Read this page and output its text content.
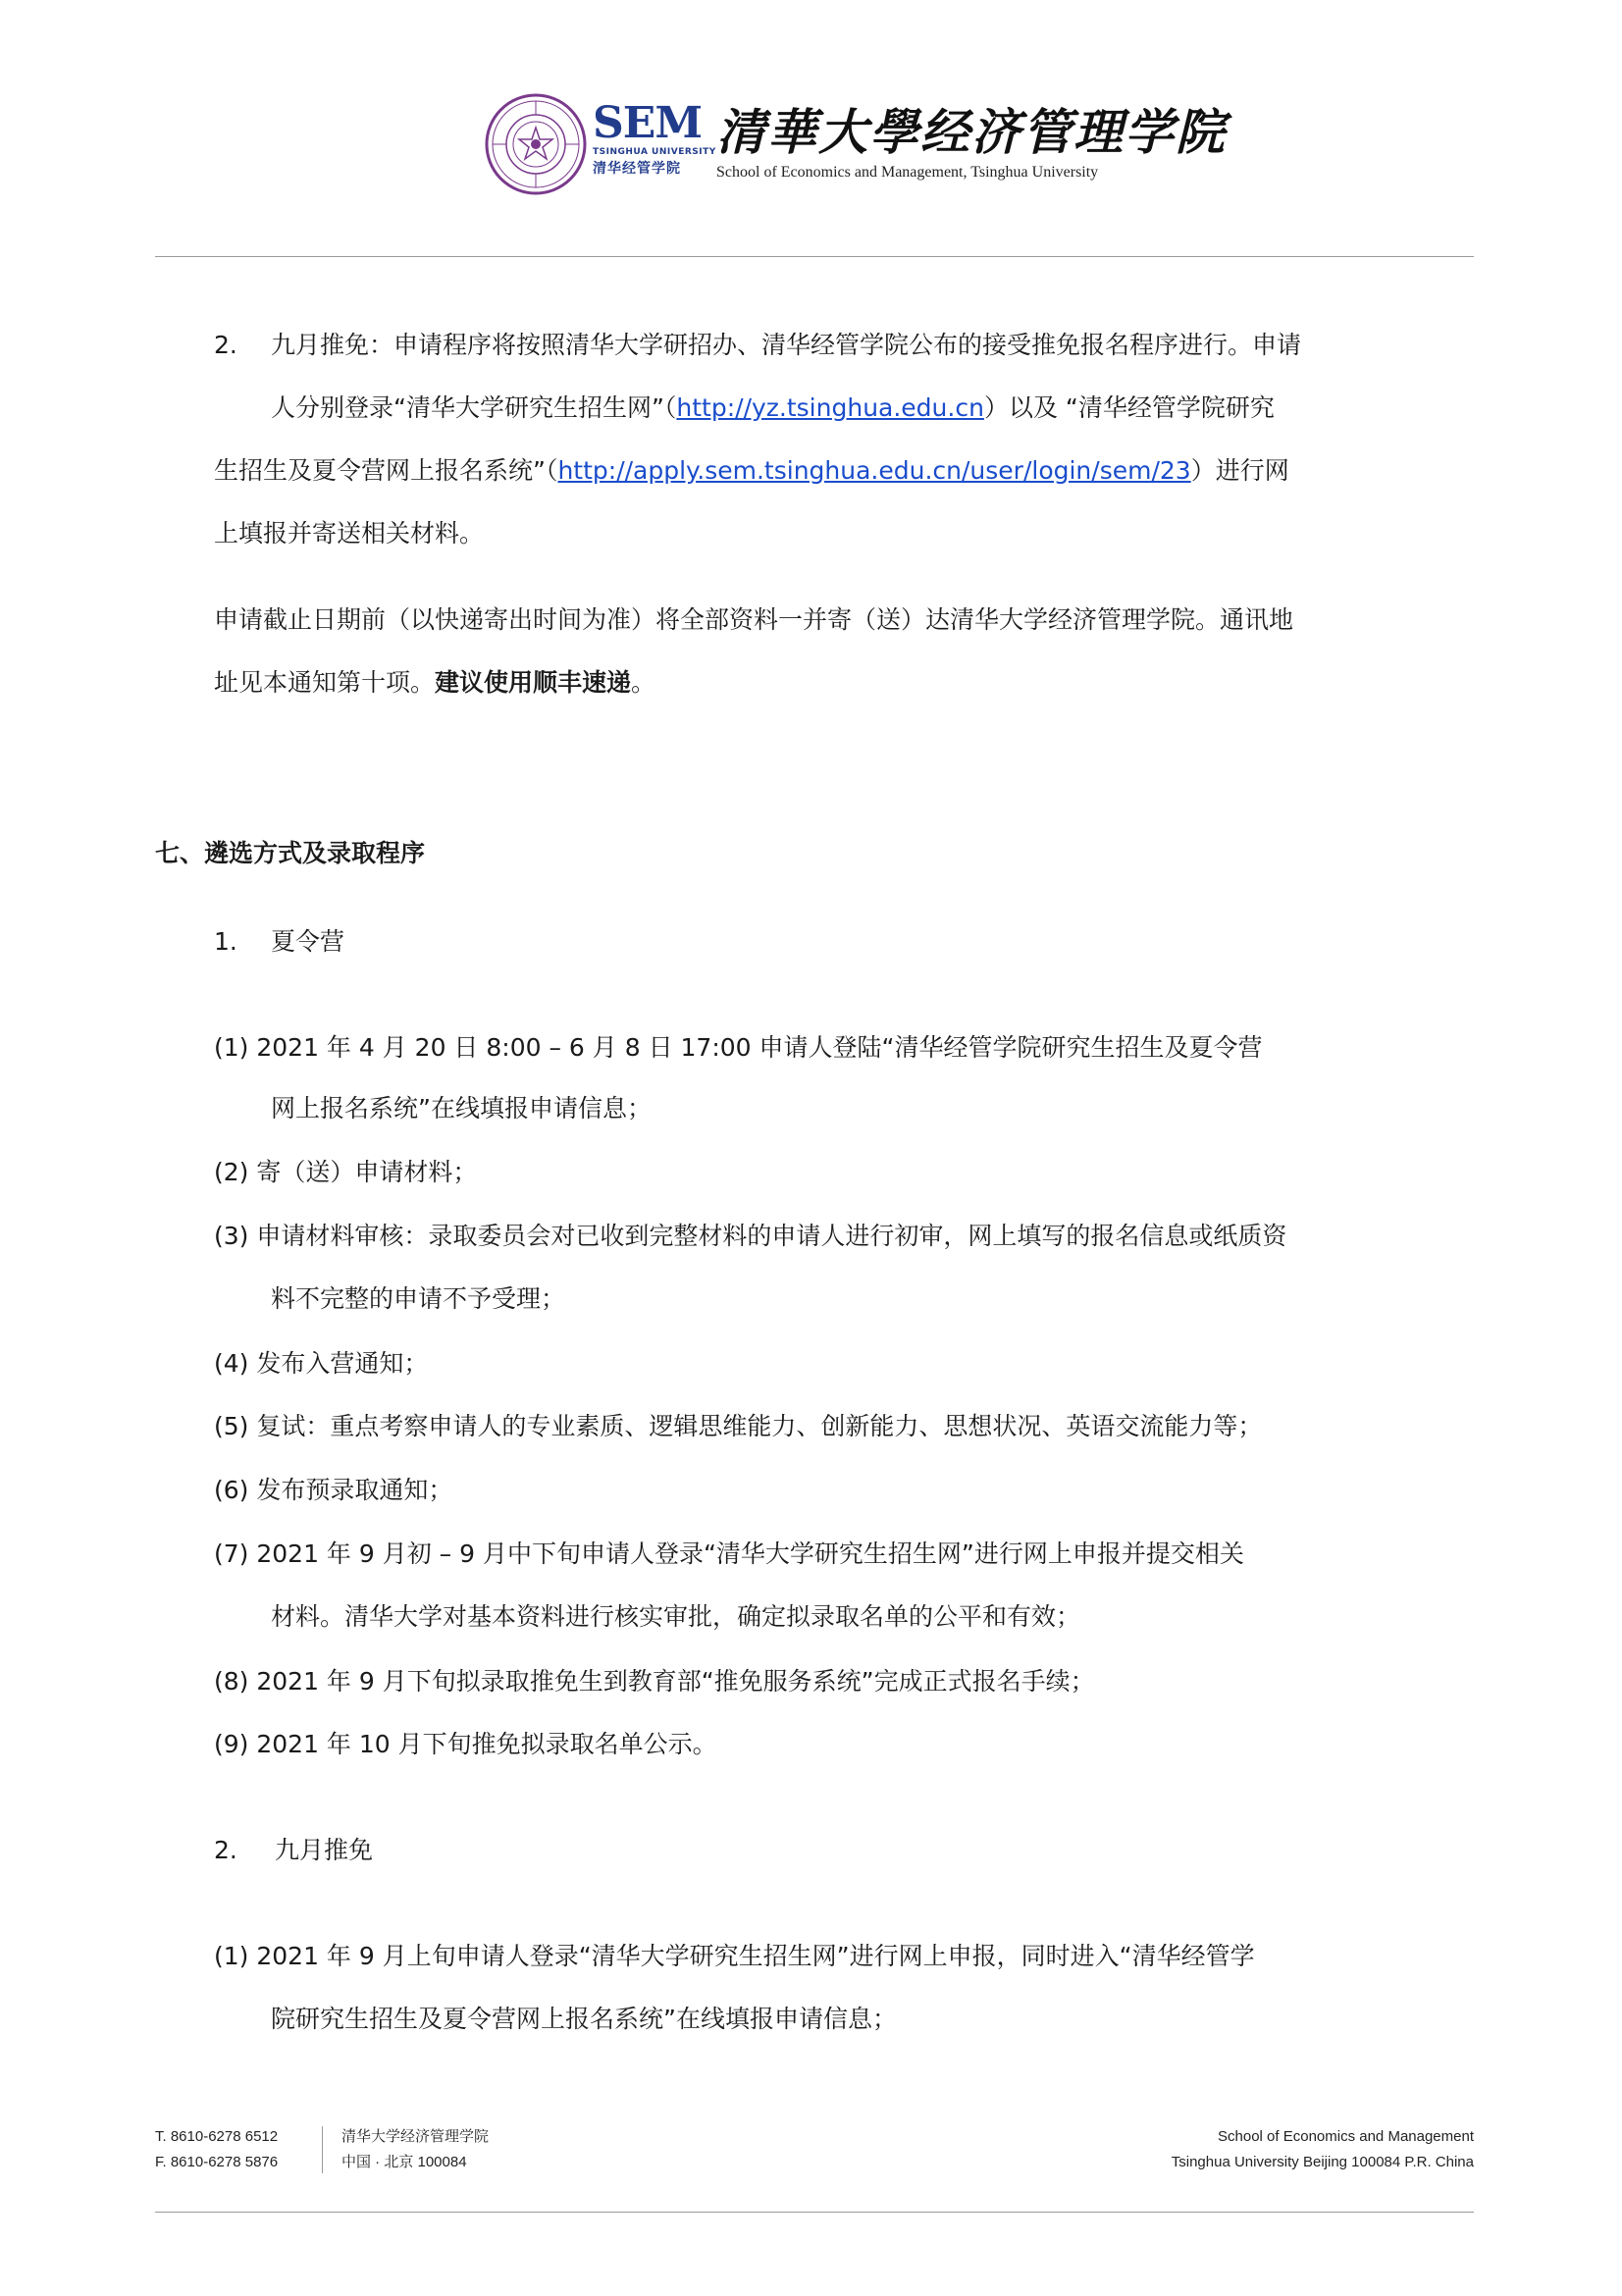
SEM
TSINGHUA UNIVERSITY
清华经管学院
清華大學经济管理学院
School of Economics and Management, Tsinghua University
2. 九月推免：申请程序将按照清华大学研招办、清华经管学院公布的接受推免报名程序进行。申请
人分别登录“清华大学研究生招生网”（http://yz.tsinghua.edu.cn）以及 “清华经管学院研究
生招生及夏令营网上报名系统”（http://apply.sem.tsinghua.edu.cn/user/login/sem/23）进行网
上填报并寄送相关材料。
申请截止日期前（以快递寄出时间为准）将全部资料一并寄（送）达清华大学经济管理学院。通讯地
址见本通知第十项。建议使用顺丰速递。
七、遴选方式及录取程序
1. 夏令营
(1) 2021 年 4 月 20 日 8:00 – 6 月 8 日 17:00 申请人登陆“清华经管学院研究生招生及夏令营
网上报名系统”在线填报申请信息；
(2) 寄（送）申请材料；
(3) 申请材料审核：录取委员会对已收到完整材料的申请人进行初审，网上填写的报名信息或纸质资
料不完整的申请不予受理；
(4) 发布入营通知；
(5) 复试：重点考察申请人的专业素质、逻辑思维能力、创新能力、思想状况、英语交流能力等；
(6) 发布预录取通知；
(7) 2021 年 9 月初 – 9 月中下旬申请人登录“清华大学研究生招生网”进行网上申报并提交相关
材料。清华大学对基本资料进行核实审批，确定拟录取名单的公平和有效；
(8) 2021 年 9 月下旬拟录取推免生到教育部“推免服务系统”完成正式报名手续；
(9) 2021 年 10 月下旬推免拟录取名单公示。
2. 九月推免
(1) 2021 年 9 月上旬申请人登录“清华大学研究生招生网”进行网上申报，同时进入“清华经管学
院研究生招生及夏令营网上报名系统”在线填报申请信息；
T. 8610-6278 6512
F. 8610-6278 5876
清华大学经济管理学院
中国 · 北京 100084
School of Economics and Management
Tsinghua University Beijing 100084 P.R. China
